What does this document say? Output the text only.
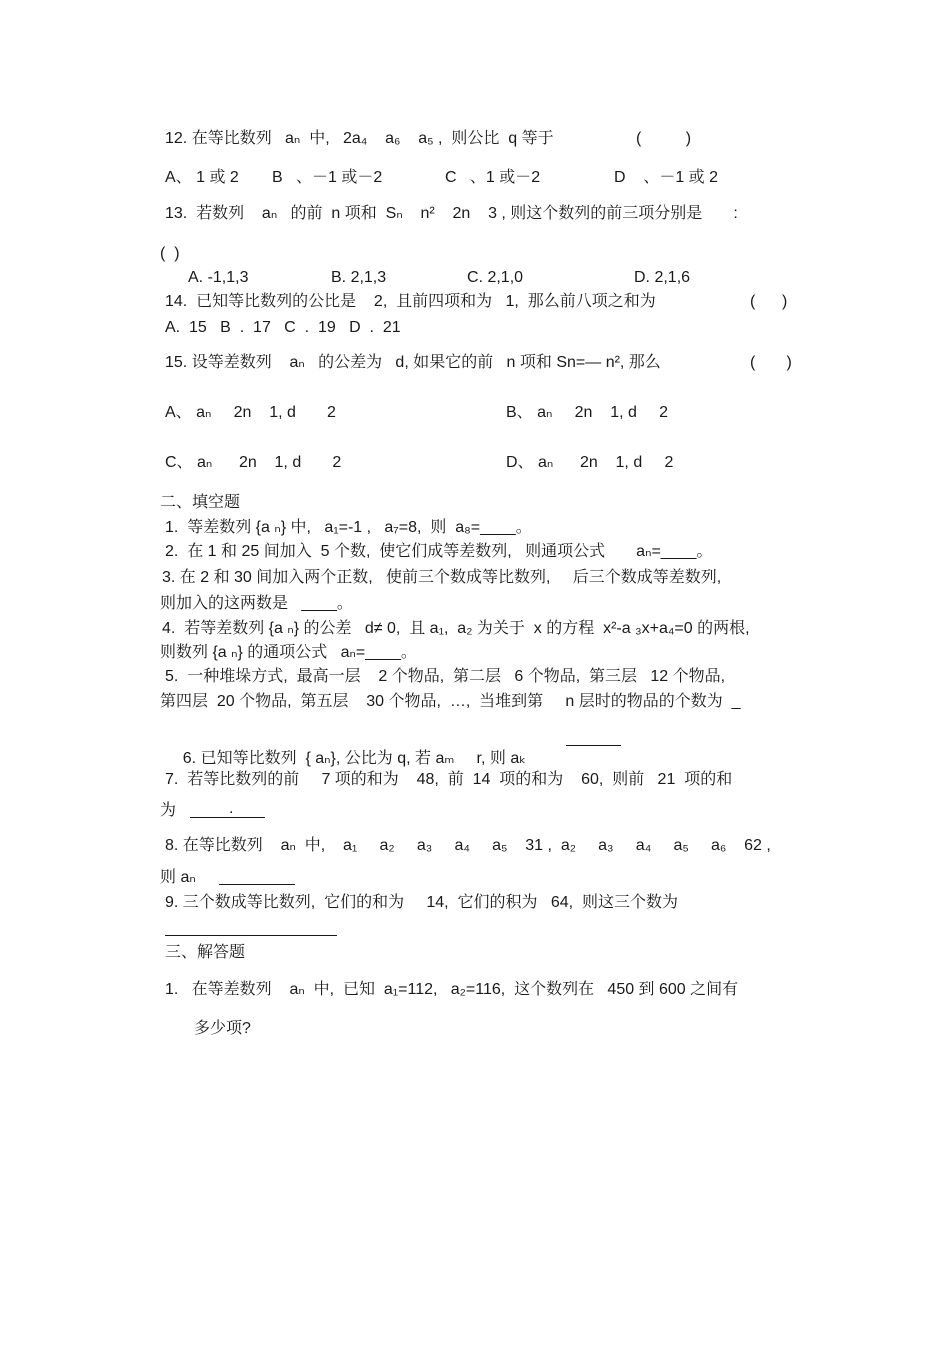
12. 在等比数列   aₙ  中,   2a₄    a₆    a₅ ,  则公比  q 等于	(          )
A、 1 或 2 B   、－1 或－2	C   、1 或－2	D    、－1 或 2
13.  若数列    aₙ   的前  n 项和  Sₙ    n²    2n    3 , 则这个数列的前三项分别是       :
(  )
A. -1,1,3	B. 2,1,3	C. 2,1,0	D. 2,1,6
14.  已知等比数列的公比是    2,  且前四项和为   1,  那么前八项之和为	(      )
A.  15   B  .  17   C  .  19   D  .  21
15. 设等差数列    aₙ   的公差为   d, 如果它的前   n 项和 Sn=— n², 那么	(       )
A、 aₙ     2n    1, d       2	B、 aₙ     2n    1, d     2
C、 aₙ      2n    1, d       2	D、 aₙ      2n    1, d     2
二、填空题
1.  等差数列 {a ₙ} 中,   a₁=-1 ,   a₇=8,  则  a₈=____。
2.  在 1 和 25 间加入  5 个数,  使它们成等差数列,   则通项公式       aₙ=____。
3. 在 2 和 30 间加入两个正数,   使前三个数成等比数列,     后三个数成等差数列,
则加入的这两数是   ____。
4.  若等差数列 {a ₙ} 的公差   d≠ 0,  且 a₁,  a₂ 为关于  x 的方程  x²-a ₃x+a₄=0 的两根,
则数列 {a ₙ} 的通项公式   aₙ=____。
5.  一种堆垛方式,  最高一层    2 个物品,  第二层   6 个物品,  第三层   12 个物品,
第四层  20 个物品,  第五层    30 个物品,  …,  当堆到第     n 层时的物品的个数为  _

6. 已知等比数列  { aₙ}, 公比为 q, 若 aₘ     r, 则 aₖ

7.  若等比数列的前     7 项的和为    48,  前  14  项的和为    60,  则前   21  项的和
为 .
8. 在等比数列    aₙ  中,    a₁     a₂     a₃     a₄     a₅    31 ,  a₂     a₃     a₄     a₅     a₆    62 ,
则 aₙ
9. 三个数成等比数列,  它们的和为     14,  它们的积为   64,  则这三个数为
三、解答题
1.   在等差数列    aₙ  中,  已知  a₁=112,   a₂=116,  这个数列在   450 到 600 之间有
多少项?
